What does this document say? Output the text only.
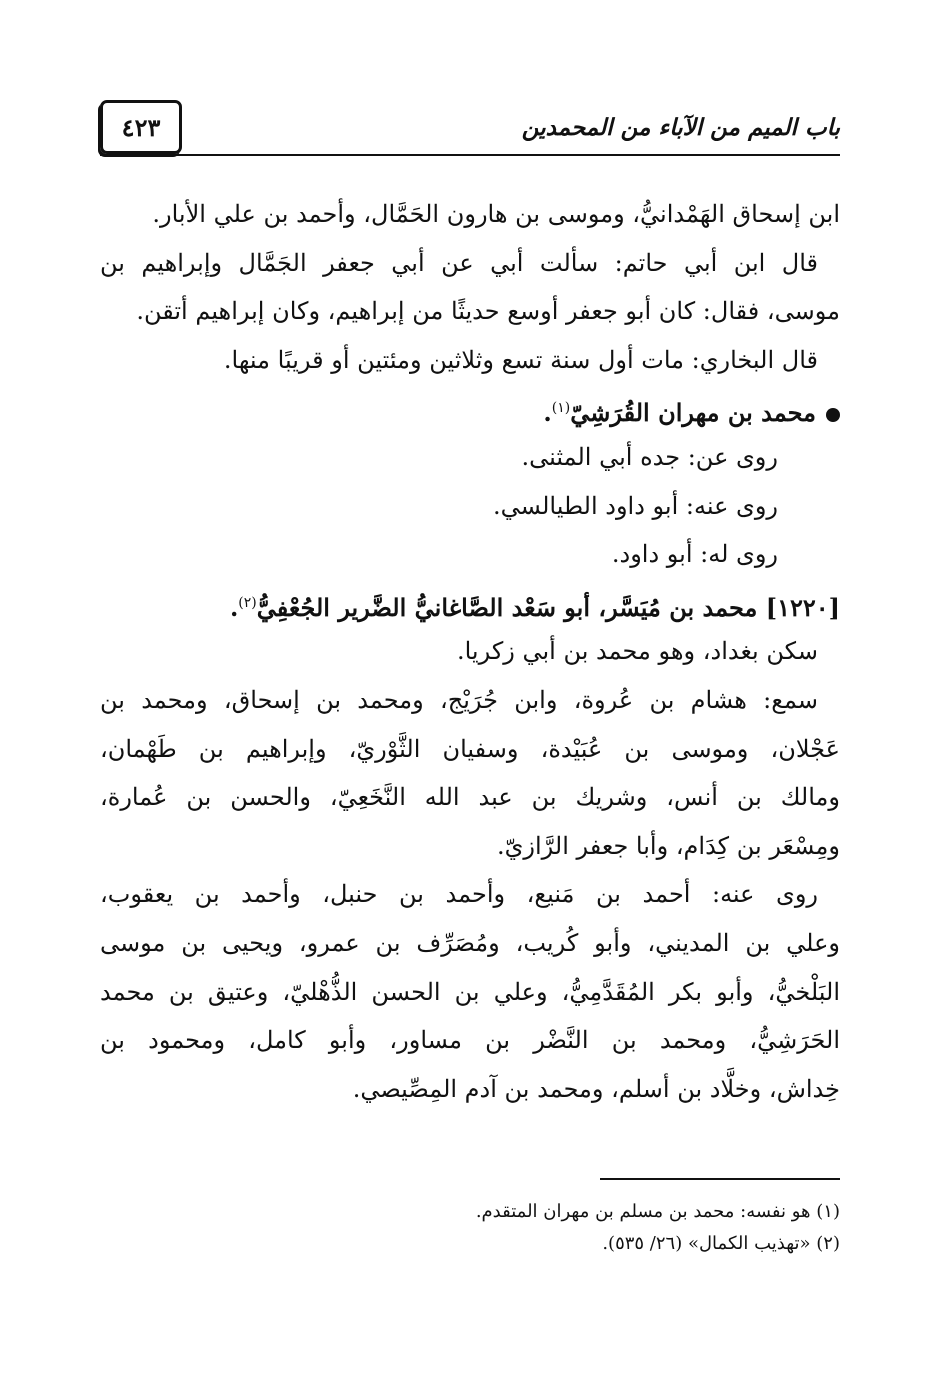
٤٢٣	باب الميم من الآباء من المحمدين
ابن إسحاق الهَمْدانيُّ، وموسى بن هارون الحَمَّال، وأحمد بن علي الأبار.
قال ابن أبي حاتم: سألت أبي عن أبي جعفر الجَمَّال وإبراهيم بن
موسى، فقال: كان أبو جعفر أوسع حديثًا من إبراهيم، وكان إبراهيم أتقن.
قال البخاري: مات أول سنة تسع وثلاثين ومئتين أو قريبًا منها.
محمد بن مهران القُرَشِيّ$^{(١)}$.
روى عن: جده أبي المثنى.
روى عنه: أبو داود الطيالسي.
روى له: أبو داود.
[١٢٢٠] محمد بن مُيَسَّر، أبو سَعْد الصَّاغانيُّ الضَّرير الجُعْفِيُّ$^{(٢)}$.
سكن بغداد، وهو محمد بن أبي زكريا.
سمع: هشام بن عُروة، وابن جُرَيْج، ومحمد بن إسحاق، ومحمد بن
عَجْلان، وموسى بن عُبَيْدة، وسفيان الثَّوْريّ، وإبراهيم بن طَهْمان،
ومالك بن أنس، وشريك بن عبد الله النَّخَعِيّ، والحسن بن عُمارة،
ومِسْعَر بن كِدَام، وأبا جعفر الرَّازيّ.
روى عنه: أحمد بن مَنيع، وأحمد بن حنبل، وأحمد بن يعقوب،
وعلي بن المديني، وأبو كُريب، ومُصَرِّف بن عمرو، ويحيى بن موسى
البَلْخيُّ، وأبو بكر المُقَدَّمِيُّ، وعلي بن الحسن الذُّهْليّ، وعتيق بن محمد
الحَرَشِيُّ، ومحمد بن النَّضْر بن مساور، وأبو كامل، ومحمود بن
خِداش، وخلَّاد بن أسلم، ومحمد بن آدم المِصِّيصي.
(١) هو نفسه: محمد بن مسلم بن مهران المتقدم.
(٢) «تهذيب الكمال» (٢٦/ ٥٣٥).
